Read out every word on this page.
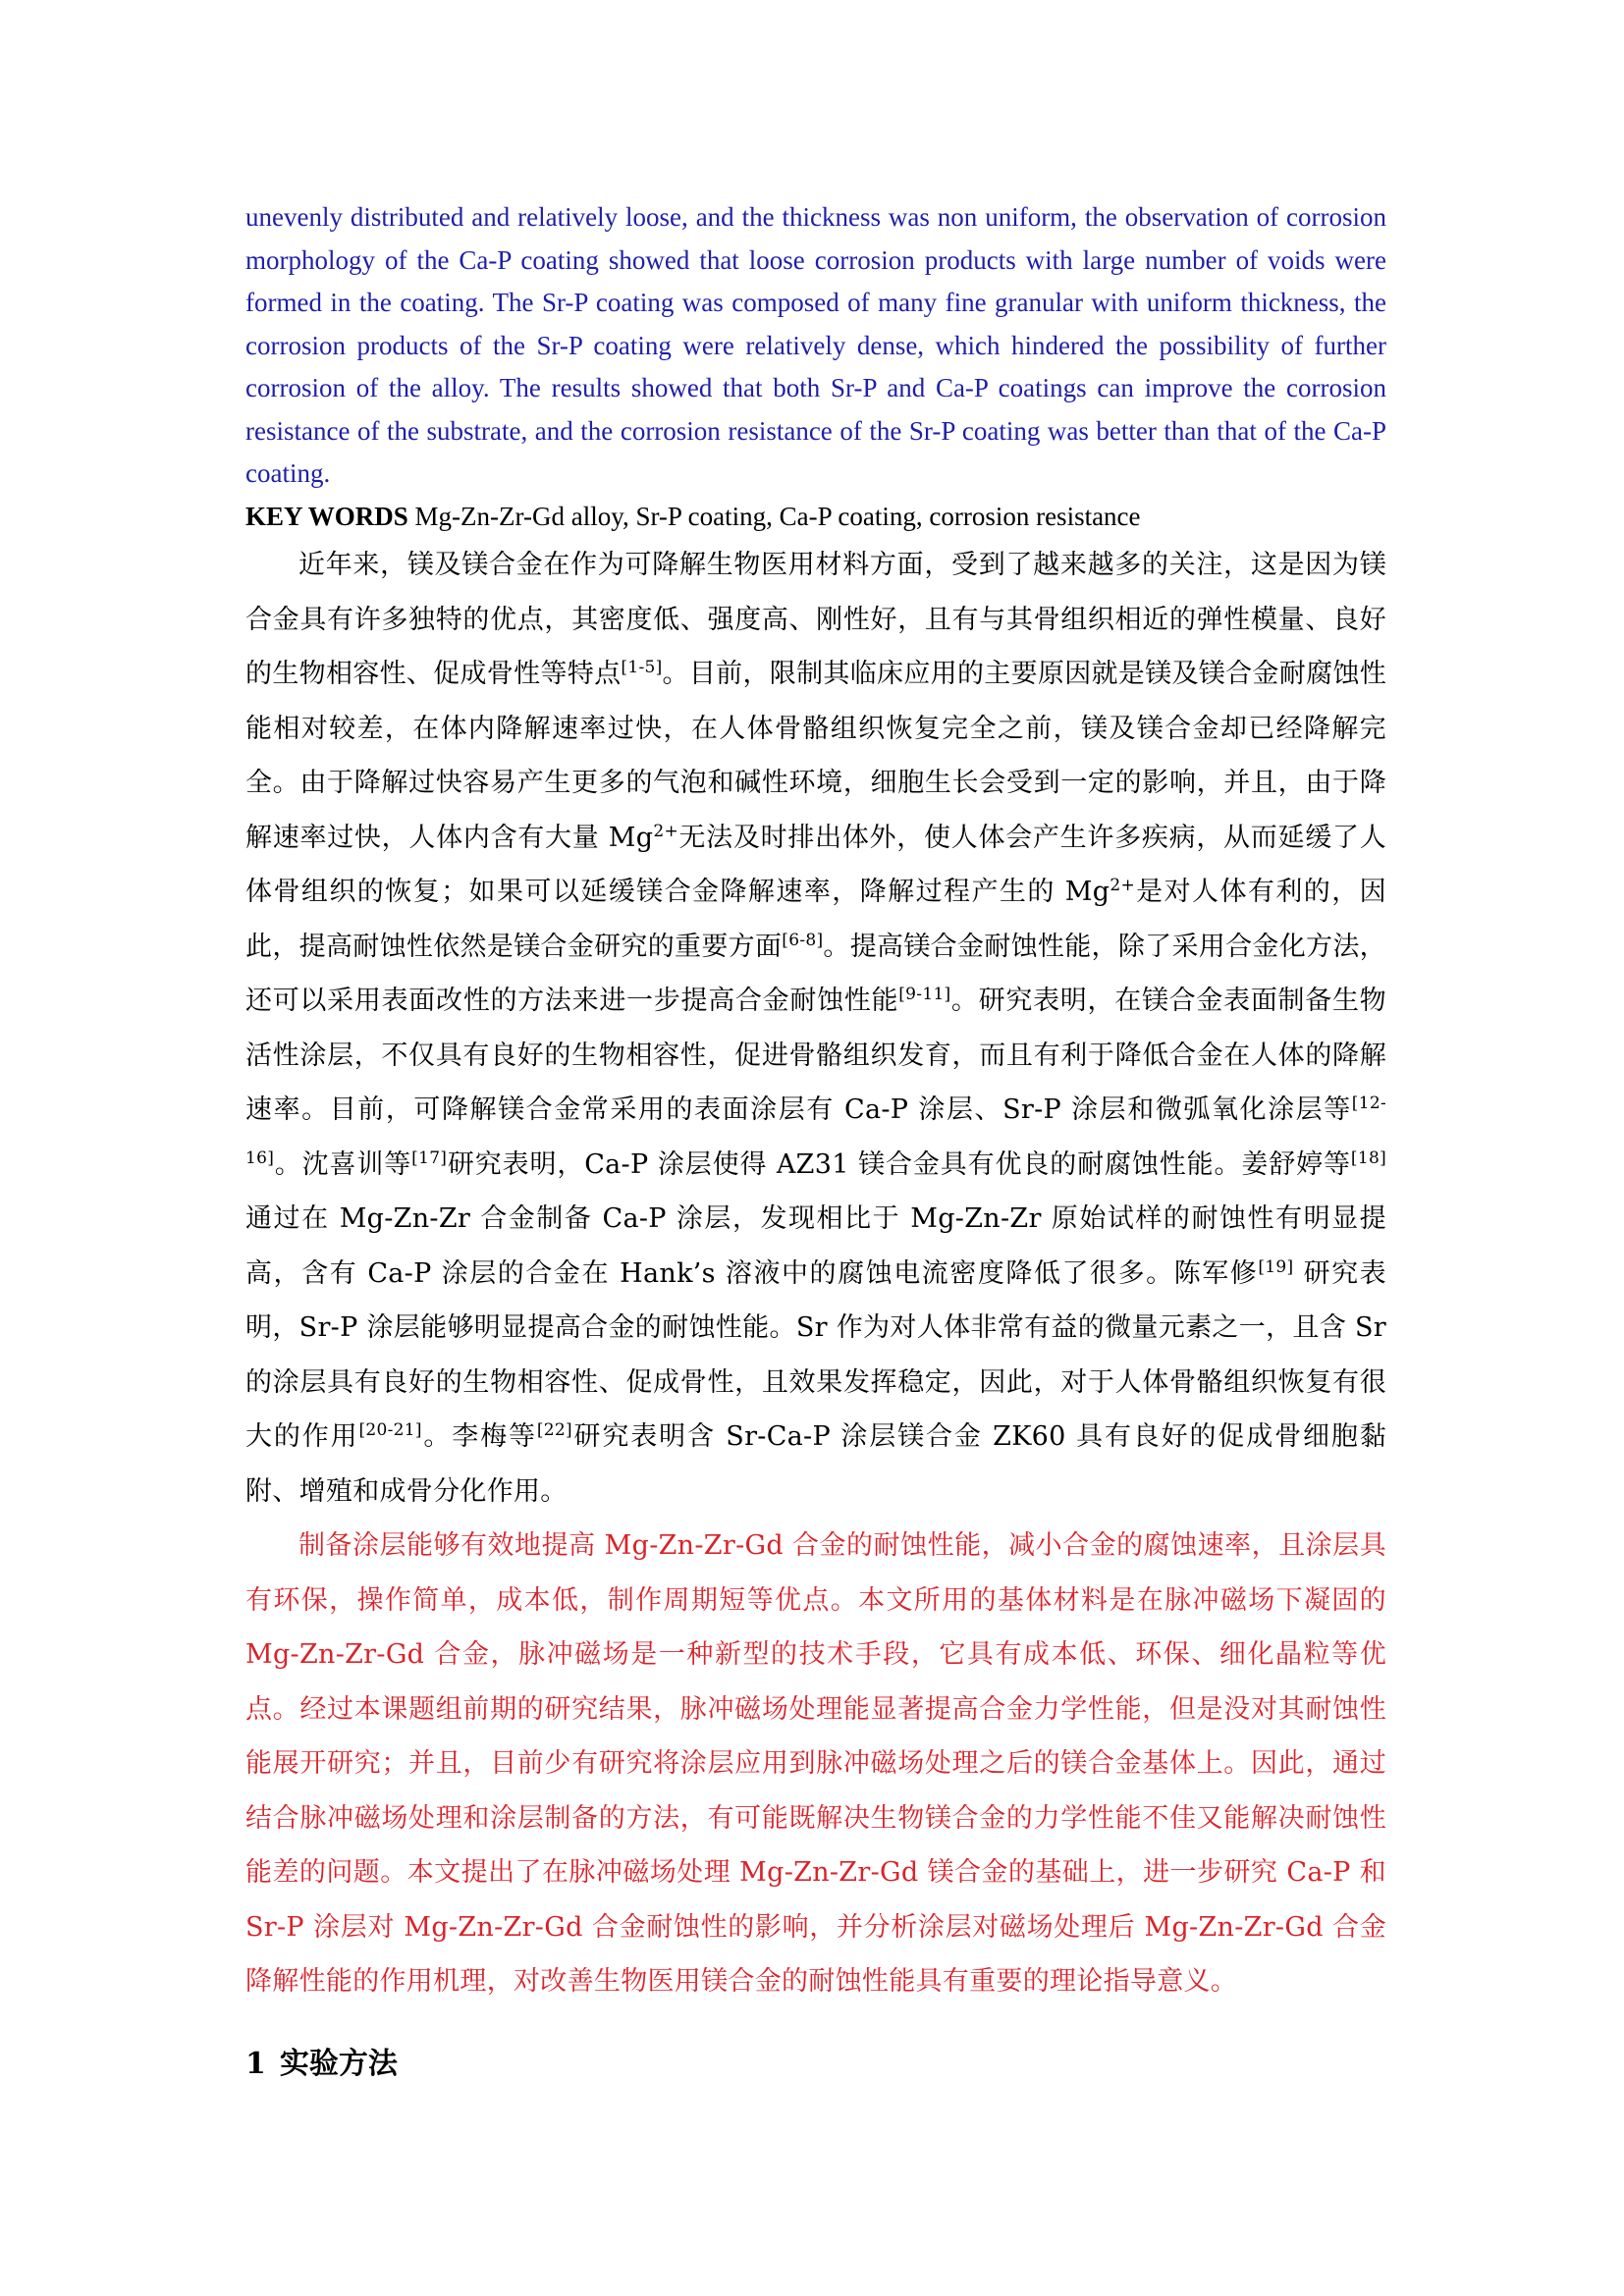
unevenly distributed and relatively loose, and the thickness was non uniform, the observation of corrosion morphology of the Ca-P coating showed that loose corrosion products with large number of voids were formed in the coating. The Sr-P coating was composed of many fine granular with uniform thickness, the corrosion products of the Sr-P coating were relatively dense, which hindered the possibility of further corrosion of the alloy. The results showed that both Sr-P and Ca-P coatings can improve the corrosion resistance of the substrate, and the corrosion resistance of the Sr-P coating was better than that of the Ca-P coating.

KEY WORDS Mg-Zn-Zr-Gd alloy, Sr-P coating, Ca-P coating, corrosion resistance

近年来，镁及镁合金在作为可降解生物医用材料方面，受到了越来越多的关注，这是因为镁合金具有许多独特的优点，其密度低、强度高、刚性好，且有与其骨组织相近的弹性模量、良好的生物相容性、促成骨性等特点[1-5]。目前，限制其临床应用的主要原因就是镁及镁合金耐腐蚀性能相对较差，在体内降解速率过快，在人体骨骼组织恢复完全之前，镁及镁合金却已经降解完全。由于降解过快容易产生更多的气泡和碱性环境，细胞生长会受到一定的影响，并且，由于降解速率过快，人体内含有大量 $Mg^{2+}$无法及时排出体外，使人体会产生许多疾病，从而延缓了人体骨组织的恢复；如果可以延缓镁合金降解速率，降解过程产生的 $Mg^{2+}$是对人体有利的，因此，提高耐蚀性依然是镁合金研究的重要方面[6-8]。提高镁合金耐蚀性能，除了采用合金化方法，还可以采用表面改性的方法来进一步提高合金耐蚀性能[9-11]。研究表明，在镁合金表面制备生物活性涂层，不仅具有良好的生物相容性，促进骨骼组织发育，而且有利于降低合金在人体的降解速率。目前，可降解镁合金常采用的表面涂层有 Ca-P 涂层、Sr-P 涂层和微弧氧化涂层等[12-16]。沈喜训等[17]研究表明，Ca-P 涂层使得 AZ31 镁合金具有优良的耐腐蚀性能。姜舒婷等[18]通过在 Mg-Zn-Zr 合金制备 Ca-P 涂层，发现相比于 Mg-Zn-Zr 原始试样的耐蚀性有明显提高，含有 Ca-P 涂层的合金在 Hank’s 溶液中的腐蚀电流密度降低了很多。陈军修[19] 研究表明，Sr-P 涂层能够明显提高合金的耐蚀性能。Sr 作为对人体非常有益的微量元素之一，且含 Sr 的涂层具有良好的生物相容性、促成骨性，且效果发挥稳定，因此，对于人体骨骼组织恢复有很大的作用[20-21]。李梅等[22]研究表明含 Sr-Ca-P 涂层镁合金 ZK60 具有良好的促成骨细胞黏附、增殖和成骨分化作用。

制备涂层能够有效地提高 Mg-Zn-Zr-Gd 合金的耐蚀性能，减小合金的腐蚀速率，且涂层具有环保，操作简单，成本低，制作周期短等优点。本文所用的基体材料是在脉冲磁场下凝固的 Mg-Zn-Zr-Gd 合金，脉冲磁场是一种新型的技术手段，它具有成本低、环保、细化晶粒等优点。经过本课题组前期的研究结果，脉冲磁场处理能显著提高合金力学性能，但是没对其耐蚀性能展开研究；并且，目前少有研究将涂层应用到脉冲磁场处理之后的镁合金基体上。因此，通过结合脉冲磁场处理和涂层制备的方法，有可能既解决生物镁合金的力学性能不佳又能解决耐蚀性能差的问题。本文提出了在脉冲磁场处理 Mg-Zn-Zr-Gd 镁合金的基础上，进一步研究 Ca-P 和 Sr-P 涂层对 Mg-Zn-Zr-Gd 合金耐蚀性的影响，并分析涂层对磁场处理后 Mg-Zn-Zr-Gd 合金降解性能的作用机理，对改善生物医用镁合金的耐蚀性能具有重要的理论指导意义。

1 实验方法
